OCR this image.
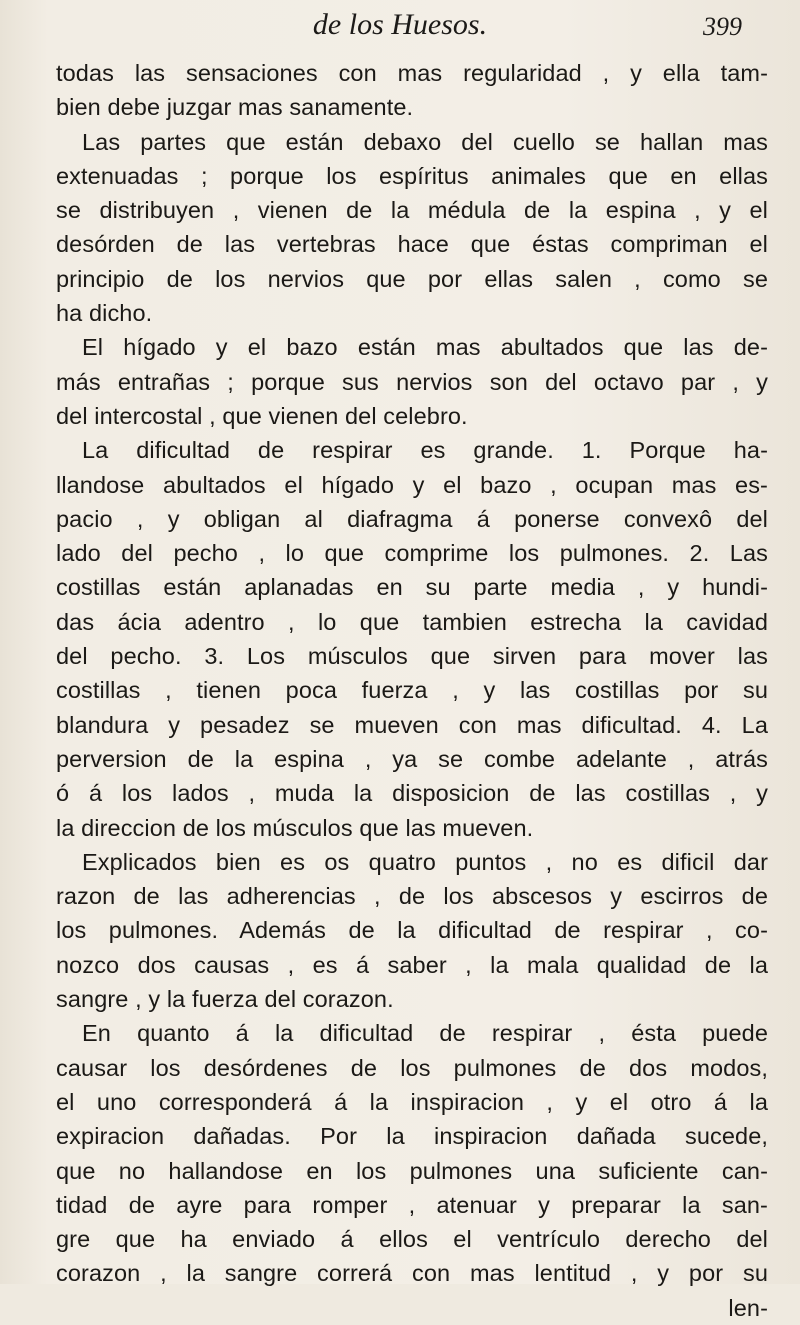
de los Huesos.	399
todas las sensaciones con mas regularidad , y ella tam-
bien debe juzgar mas sanamente.
Las partes que están debaxo del cuello se hallan mas
extenuadas ; porque los espíritus animales que en ellas
se distribuyen , vienen de la médula de la espina , y el
desórden de las vertebras hace que éstas compriman el
principio de los nervios que por ellas salen , como se
ha dicho.
El hígado y el bazo están mas abultados que las de-
más entrañas ; porque sus nervios son del octavo par , y
del intercostal , que vienen del celebro.
La dificultad de respirar es grande. 1. Porque ha-
llandose abultados el hígado y el bazo , ocupan mas es-
pacio , y obligan al diafragma á ponerse convexô del
lado del pecho , lo que comprime los pulmones. 2. Las
costillas están aplanadas en su parte media , y hundi-
das ácia adentro , lo que tambien estrecha la cavidad
del pecho. 3. Los músculos que sirven para mover las
costillas , tienen poca fuerza , y las costillas por su
blandura y pesadez se mueven con mas dificultad. 4. La
perversion de la espina , ya se combe adelante , atrás
ó á los lados , muda la disposicion de las costillas , y
la direccion de los músculos que las mueven.
Explicados bien es os quatro puntos , no es dificil dar
razon de las adherencias , de los abscesos y escirros de
los pulmones. Además de la dificultad de respirar , co-
nozco dos causas , es á saber , la mala qualidad de la
sangre , y la fuerza del corazon.
En quanto á la dificultad de respirar , ésta puede
causar los desórdenes de los pulmones de dos modos,
el uno corresponderá á la inspiracion , y el otro á la
expiracion dañadas. Por la inspiracion dañada sucede,
que no hallandose en los pulmones una suficiente can-
tidad de ayre para romper , atenuar y preparar la san-
gre que ha enviado á ellos el ventrículo derecho del
corazon , la sangre correrá con mas lentitud , y por su
len-
